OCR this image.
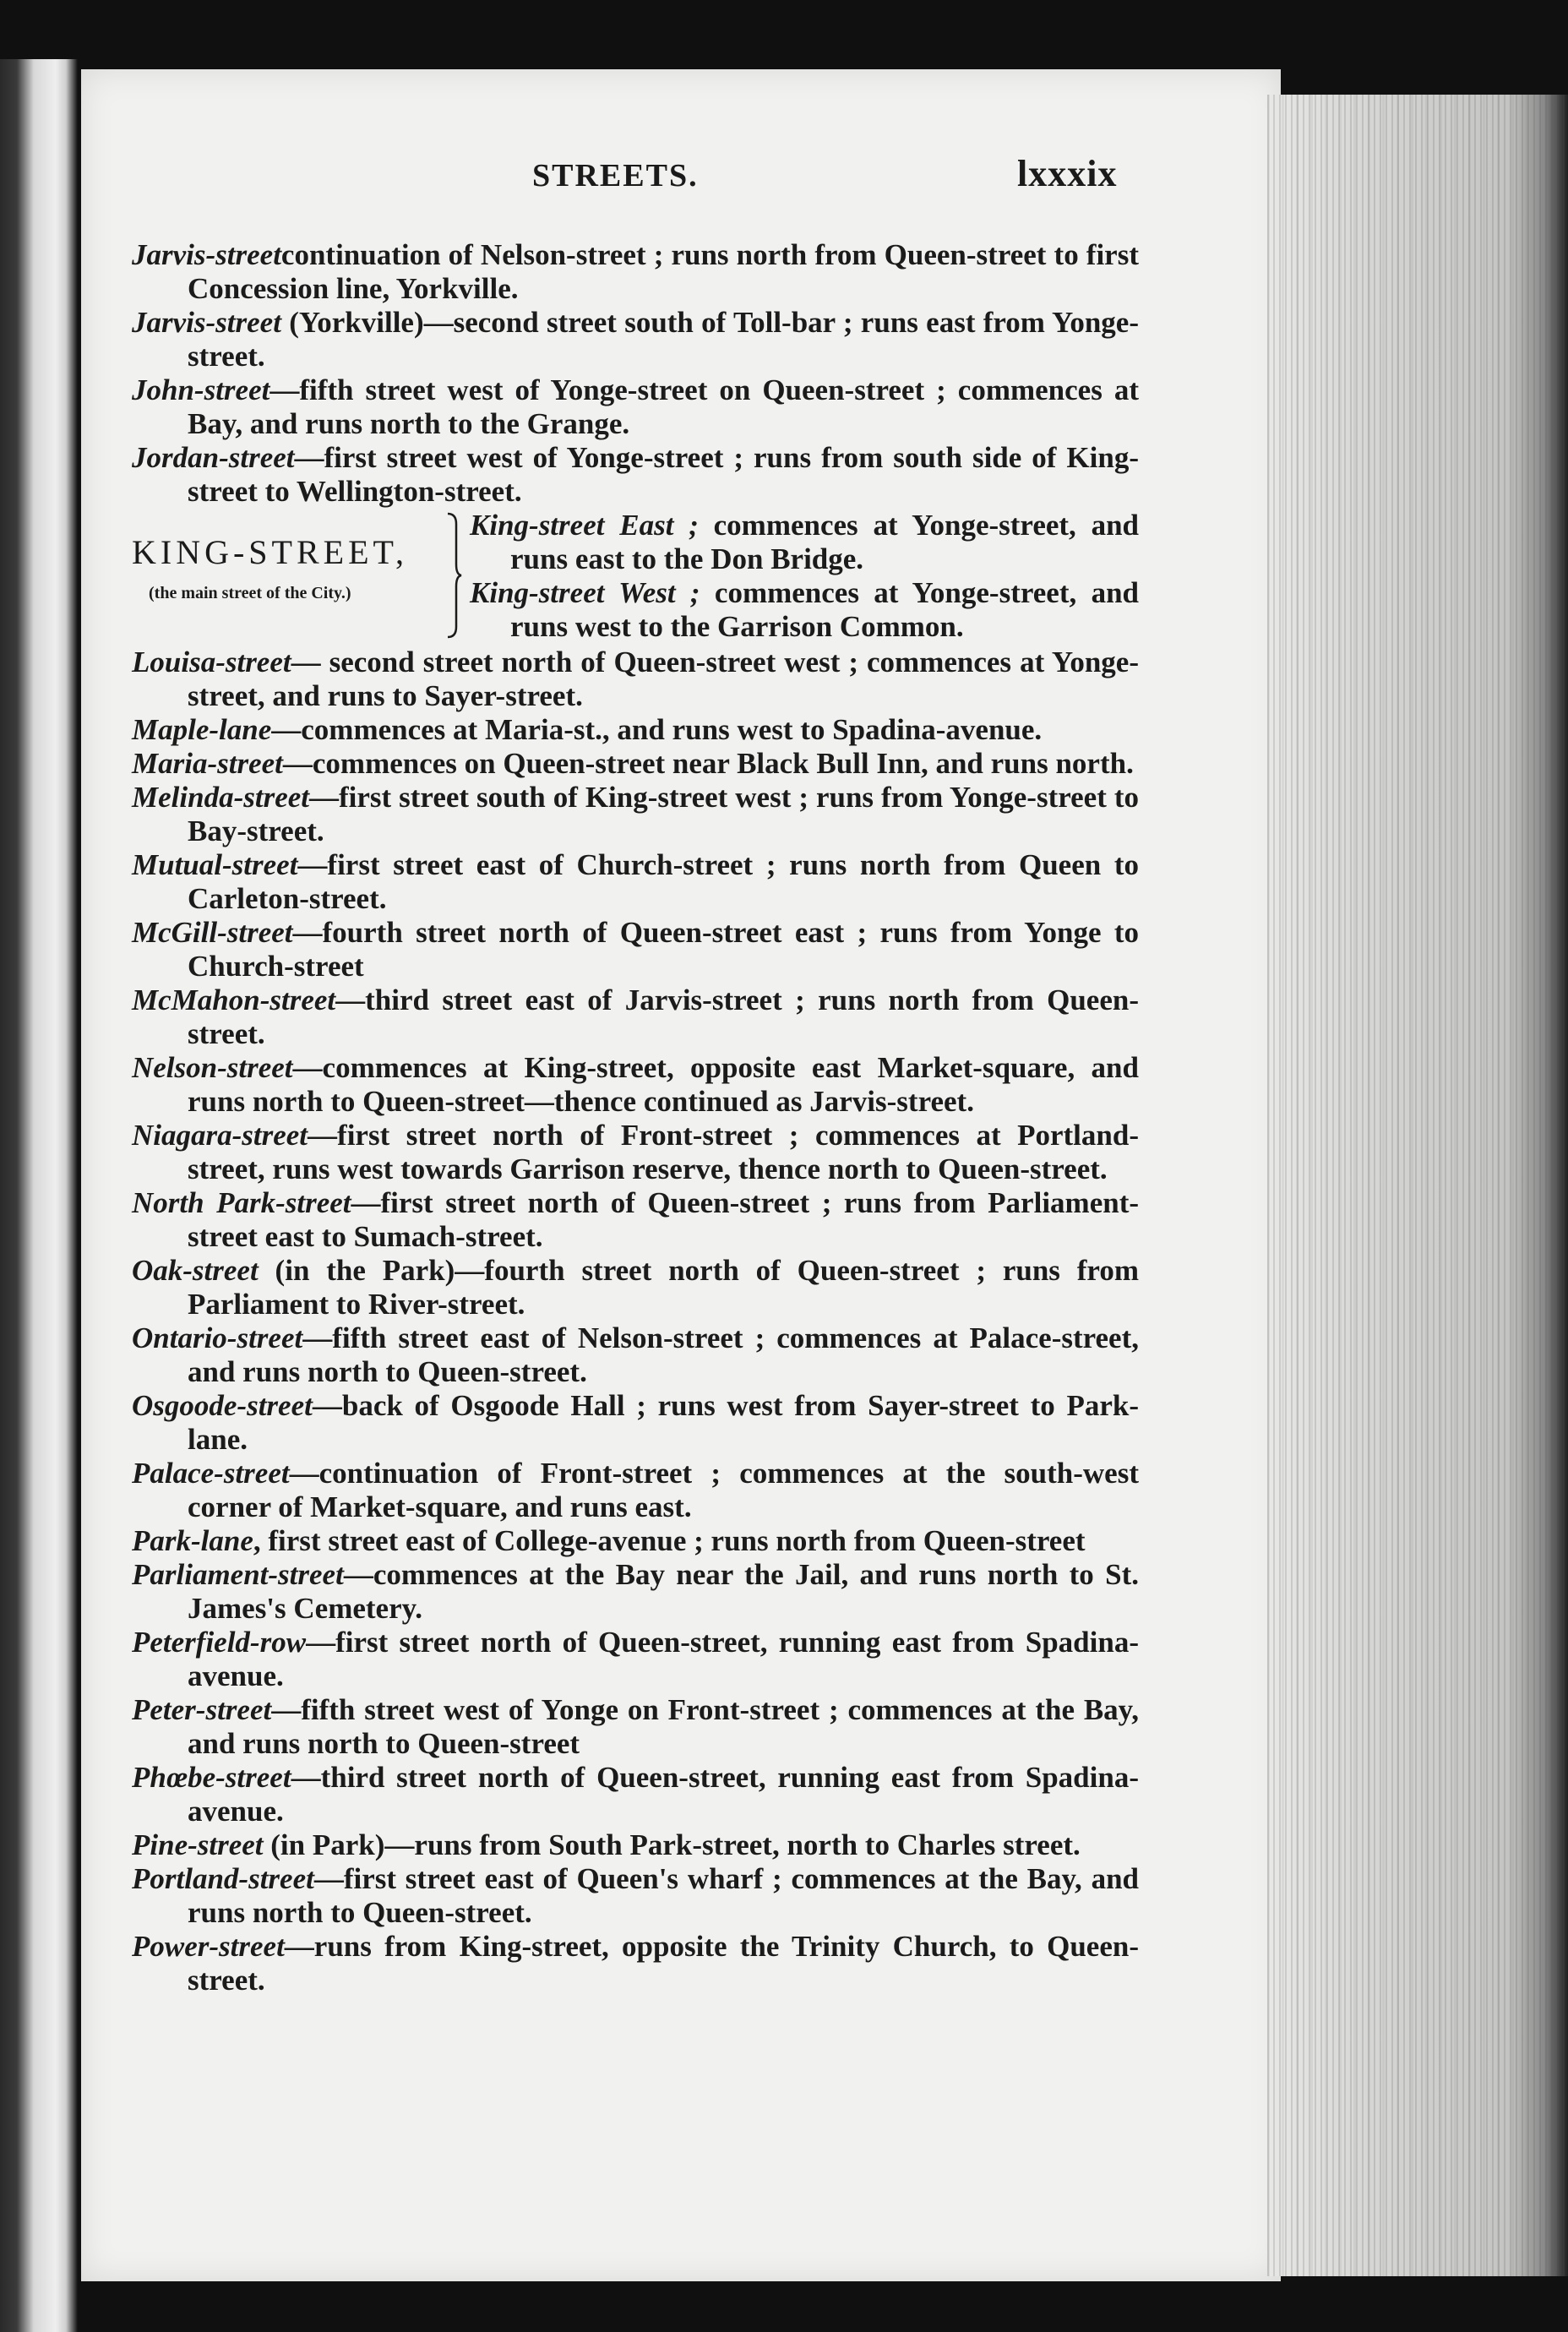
STREETS.	lxxxix
Jarvis-streetcontinuation of Nelson-street ; runs north from Queen-street to first Concession line, Yorkville.
Jarvis-street (Yorkville)—second street south of Toll-bar ; runs east from Yonge-street.
John-street—fifth street west of Yonge-street on Queen-street ; commences at Bay, and runs north to the Grange.
Jordan-street—first street west of Yonge-street ; runs from south side of King-street to Wellington-street.
KING-STREET,
(the main street of the City.)
King-street East ; commences at Yonge-street, and runs east to the Don Bridge.
King-street West ; commences at Yonge-street, and runs west to the Garrison Common.
Louisa-street— second street north of Queen-street west ; commences at Yonge-street, and runs to Sayer-street.
Maple-lane—commences at Maria-st., and runs west to Spadina-avenue.
Maria-street—commences on Queen-street near Black Bull Inn, and runs north.
Melinda-street—first street south of King-street west ; runs from Yonge-street to Bay-street.
Mutual-street—first street east of Church-street ; runs north from Queen to Carleton-street.
McGill-street—fourth street north of Queen-street east ; runs from Yonge to Church-street
McMahon-street—third street east of Jarvis-street ; runs north from Queen-street.
Nelson-street—commences at King-street, opposite east Market-square, and runs north to Queen-street—thence continued as Jarvis-street.
Niagara-street—first street north of Front-street ; commences at Portland-street, runs west towards Garrison reserve, thence north to Queen-street.
North Park-street—first street north of Queen-street ; runs from Parliament-street east to Sumach-street.
Oak-street (in the Park)—fourth street north of Queen-street ; runs from Parliament to River-street.
Ontario-street—fifth street east of Nelson-street ; commences at Palace-street, and runs north to Queen-street.
Osgoode-street—back of Osgoode Hall ; runs west from Sayer-street to Park-lane.
Palace-street—continuation of Front-street ; commences at the south-west corner of Market-square, and runs east.
Park-lane, first street east of College-avenue ; runs north from Queen-street
Parliament-street—commences at the Bay near the Jail, and runs north to St. James's Cemetery.
Peterfield-row—first street north of Queen-street, running east from Spadina-avenue.
Peter-street—fifth street west of Yonge on Front-street ; commences at the Bay, and runs north to Queen-street
Phœbe-street—third street north of Queen-street, running east from Spadina-avenue.
Pine-street (in Park)—runs from South Park-street, north to Charles street.
Portland-street—first street east of Queen's wharf ; commences at the Bay, and runs north to Queen-street.
Power-street—runs from King-street, opposite the Trinity Church, to Queen-street.
